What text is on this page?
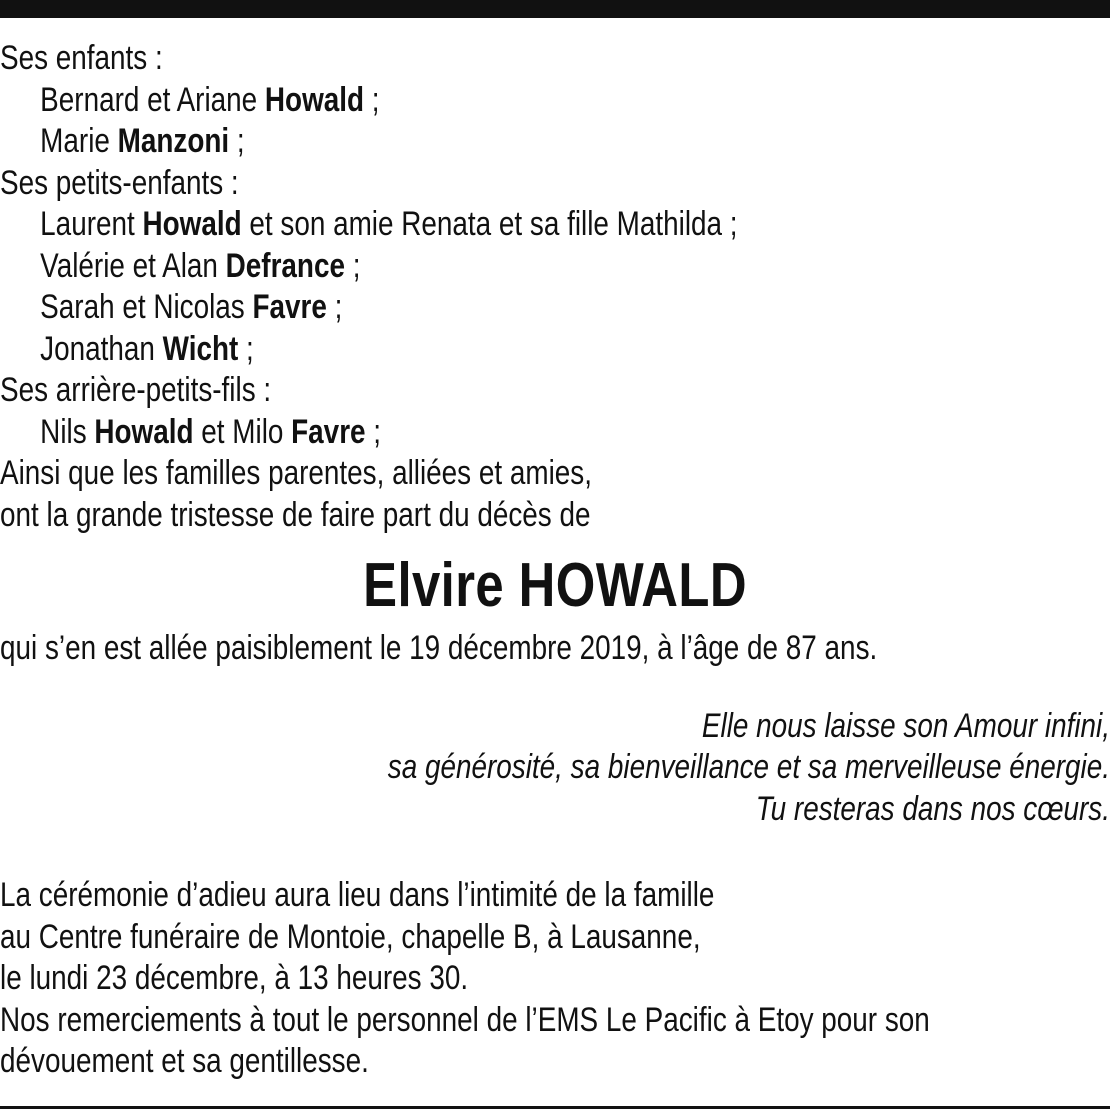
Ses enfants :
Bernard et Ariane Howald ;
Marie Manzoni ;
Ses petits-enfants :
Laurent Howald et son amie Renata et sa fille Mathilda ;
Valérie et Alan Defrance ;
Sarah et Nicolas Favre ;
Jonathan Wicht ;
Ses arrière-petits-fils :
Nils Howald et Milo Favre ;
Ainsi que les familles parentes, alliées et amies,
ont la grande tristesse de faire part du décès de
Elvire HOWALD
qui s’en est allée paisiblement le 19 décembre 2019, à l’âge de 87 ans.
Elle nous laisse son Amour infini,
sa générosité, sa bienveillance et sa merveilleuse énergie.
Tu resteras dans nos cœurs.
La cérémonie d’adieu aura lieu dans l’intimité de la famille
au Centre funéraire de Montoie, chapelle B, à Lausanne,
le lundi 23 décembre, à 13 heures 30.
Nos remerciements à tout le personnel de l’EMS Le Pacific à Etoy pour son
dévouement et sa gentillesse.
